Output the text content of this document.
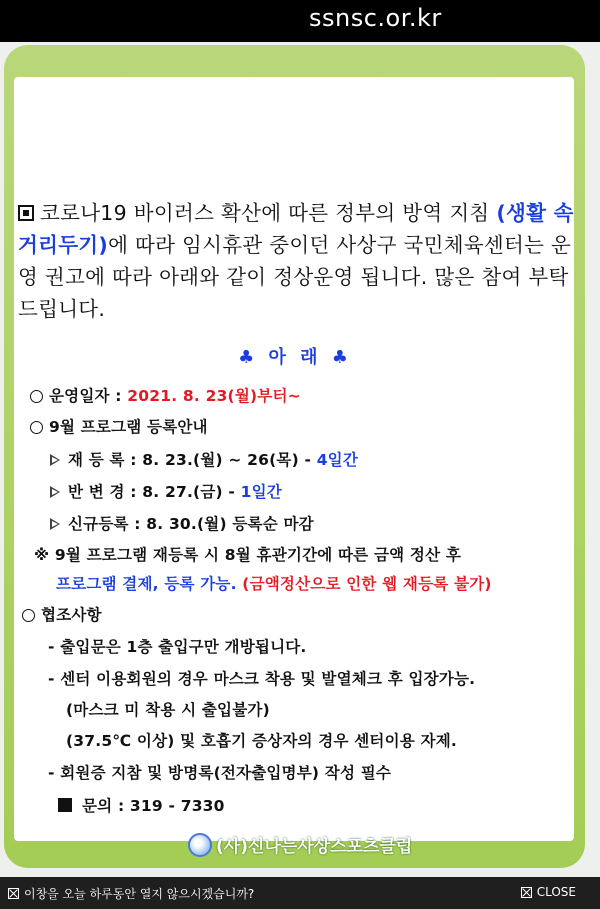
ssnsc.or.kr
코로나19 바이러스 확산에 따른 정부의 방역 지침 (생활 속 거리두기)에 따라 임시휴관 중이던 사상구 국민체육센터는 운영 권고에 따라 아래와 같이 정상운영 됩니다. 많은 참여 부탁드립니다.
♣ 아 래 ♣
운영일자 : 2021. 8. 23(월)부터~
9월 프로그램 등록안내
재 등 록 : 8. 23.(월) ~ 26(목) - 4일간
반 변 경 : 8. 27.(금) - 1일간
신규등록 : 8. 30.(월) 등록순 마감
※ 9월 프로그램 재등록 시 8월 휴관기간에 따른 금액 정산 후
프로그램 결제, 등록 가능. (금액정산으로 인한 웹 재등록 불가)
협조사항
- 출입문은 1층 출입구만 개방됩니다.
- 센터 이용회원의 경우 마스크 착용 및 발열체크 후 입장가능.
(마스크 미 착용 시 출입불가)
(37.5℃ 이상) 및 호흡기 증상자의 경우 센터이용 자제.
- 회원증 지참 및 방명록(전자출입명부) 작성 필수
문의 : 319 - 7330
(사)신나는사상스포츠클럽
이창을 오늘 하루동안 열지 않으시겠습니까?	CLOSE
